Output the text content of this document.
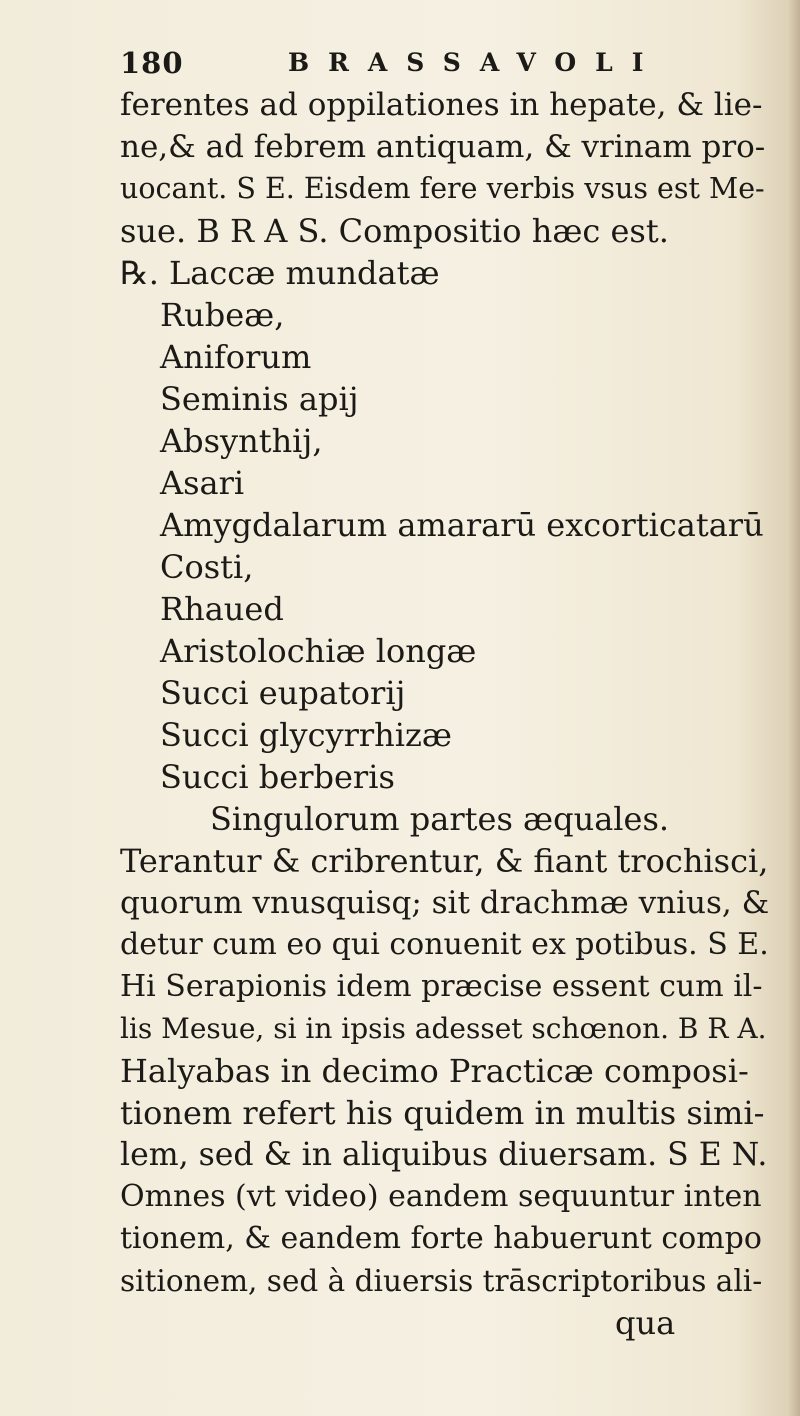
180	BRASSAVOLI
ferentes ad oppilationes in hepate, & lie-
ne,& ad febrem antiquam, & vrinam pro-
uocant. S E. Eisdem fere verbis vsus est Me-
sue. B R A S. Compositio hæc est.
℞. Laccæ mundatæ
Rubeæ,
Aniforum
Seminis apij
Absynthij,
Asari
Amygdalarum amararū excorticatarū
Costi,
Rhaued
Aristolochiæ longæ
Succi eupatorij
Succi glycyrrhizæ
Succi berberis
Singulorum partes æquales.
Terantur & cribrentur, & fiant trochisci,
quorum vnusquisq; sit drachmæ vnius, &
detur cum eo qui conuenit ex potibus. S E.
Hi Serapionis idem præcise essent cum il-
lis Mesue, si in ipsis adesset schœnon. B R A.
Halyabas in decimo Practicæ composi-
tionem refert his quidem in multis simi-
lem, sed & in aliquibus diuersam. S E N.
Omnes (vt video) eandem sequuntur inten
tionem, & eandem forte habuerunt compo
sitionem, sed à diuersis trāscriptoribus ali-
qua
